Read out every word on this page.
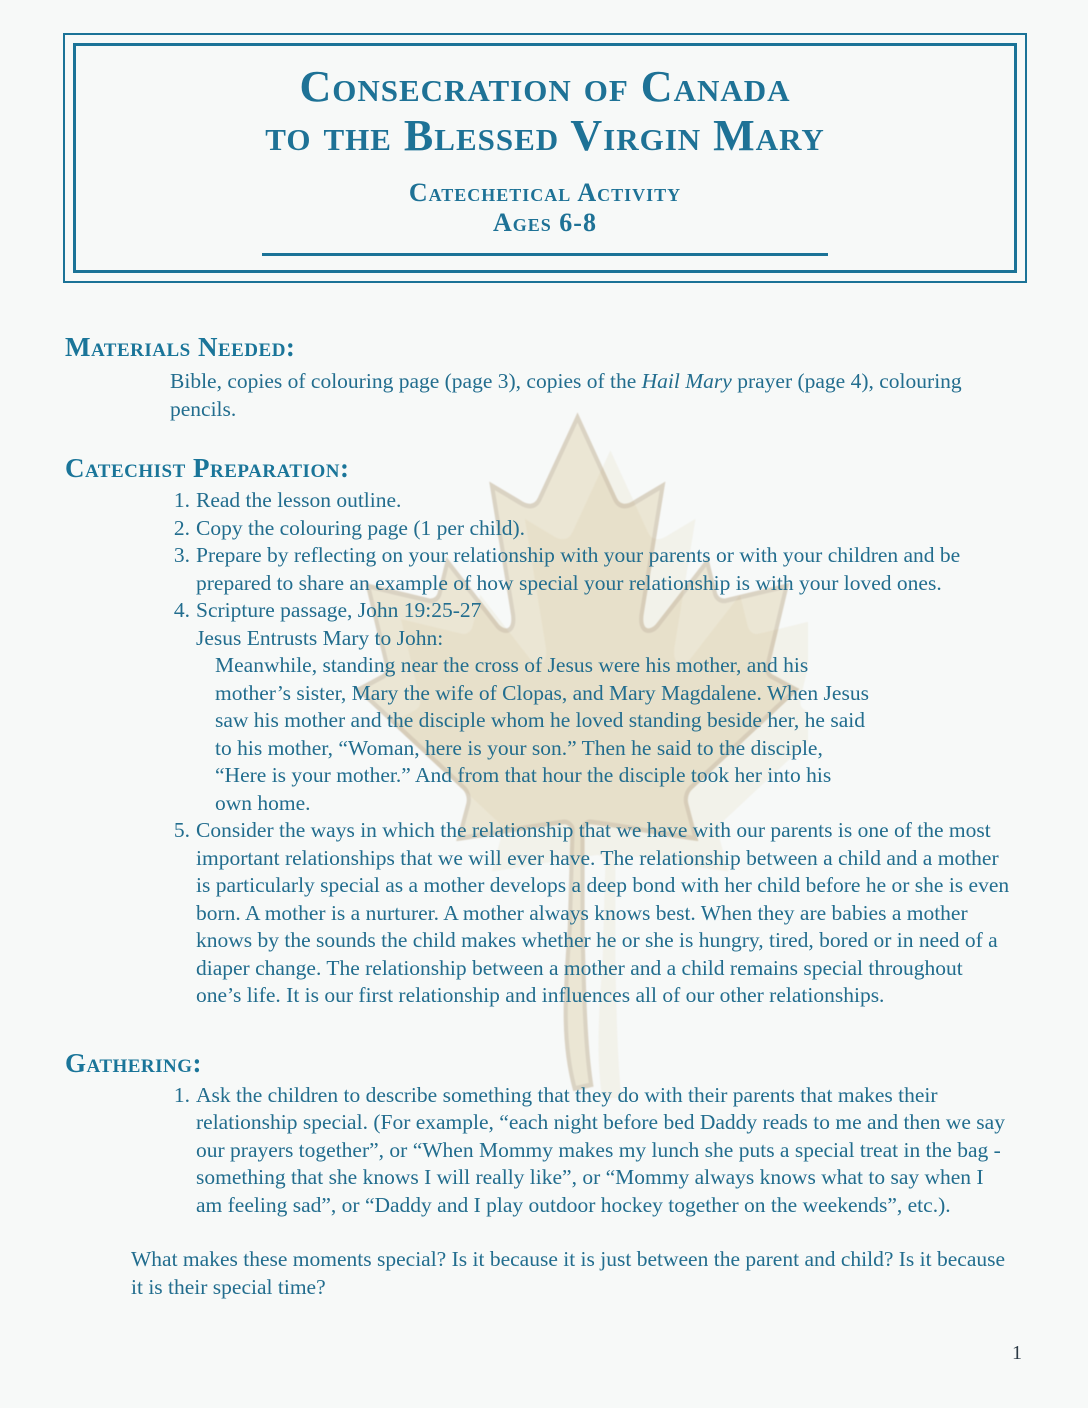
Consecration of Canada
to the Blessed Virgin Mary
Catechetical Activity
Ages 6-8
Materials Needed:
Bible, copies of colouring page (page 3), copies of the Hail Mary prayer (page 4), colouring pencils.
Catechist Preparation:
1. Read the lesson outline.
2. Copy the colouring page (1 per child).
3. Prepare by reflecting on your relationship with your parents or with your children and be prepared to share an example of how special your relationship is with your loved ones.
4. Scripture passage, John 19:25-27
Jesus Entrusts Mary to John:
Meanwhile, standing near the cross of Jesus were his mother, and his mother’s sister, Mary the wife of Clopas, and Mary Magdalene. When Jesus saw his mother and the disciple whom he loved standing beside her, he said to his mother, “Woman, here is your son.” Then he said to the disciple, “Here is your mother.” And from that hour the disciple took her into his own home.
5. Consider the ways in which the relationship that we have with our parents is one of the most important relationships that we will ever have. The relationship between a child and a mother is particularly special as a mother develops a deep bond with her child before he or she is even born. A mother is a nurturer. A mother always knows best. When they are babies a mother knows by the sounds the child makes whether he or she is hungry, tired, bored or in need of a diaper change. The relationship between a mother and a child remains special throughout one’s life. It is our first relationship and influences all of our other relationships.
Gathering:
1. Ask the children to describe something that they do with their parents that makes their relationship special. (For example, “each night before bed Daddy reads to me and then we say our prayers together”, or “When Mommy makes my lunch she puts a special treat in the bag - something that she knows I will really like”, or “Mommy always knows what to say when I am feeling sad”, or “Daddy and I play outdoor hockey together on the weekends”, etc.).
What makes these moments special? Is it because it is just between the parent and child? Is it because it is their special time?
1
